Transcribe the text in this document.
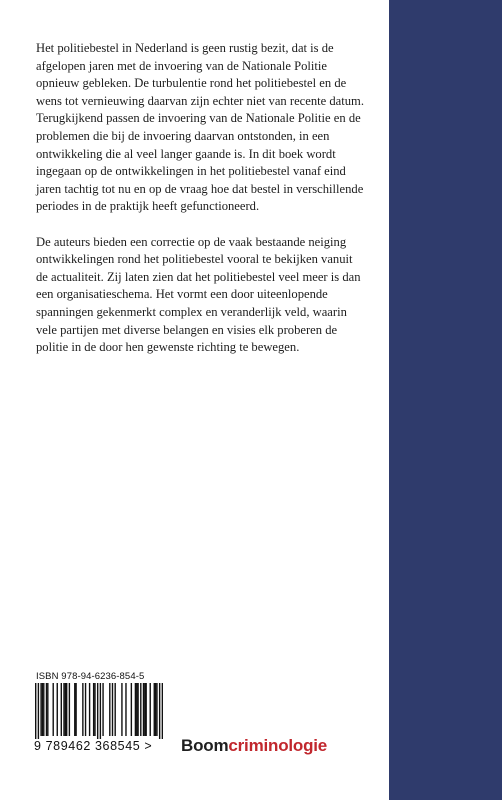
Het politiebestel in Nederland is geen rustig bezit, dat is de afgelopen jaren met de invoering van de Nationale Politie opnieuw gebleken. De turbulentie rond het politiebestel en de wens tot vernieuwing daarvan zijn echter niet van recente datum. Terugkijkend passen de invoering van de Nationale Politie en de problemen die bij de invoering daarvan ontstonden, in een ontwikkeling die al veel langer gaande is. In dit boek wordt ingegaan op de ontwikkelingen in het politiebestel vanaf eind jaren tachtig tot nu en op de vraag hoe dat bestel in verschillende periodes in de praktijk heeft gefunctioneerd.

De auteurs bieden een correctie op de vaak bestaande neiging ontwikkelingen rond het politiebestel vooral te bekijken vanuit de actualiteit. Zij laten zien dat het politiebestel veel meer is dan een organisatieschema. Het vormt een door uiteenlopende spanningen gekenmerkt complex en veranderlijk veld, waarin vele partijen met diverse belangen en visies elk proberen de politie in de door hen gewenste richting te bewegen.

ISBN 978-94-6236-854-5
9 789462 368545 > Boomcriminologie
